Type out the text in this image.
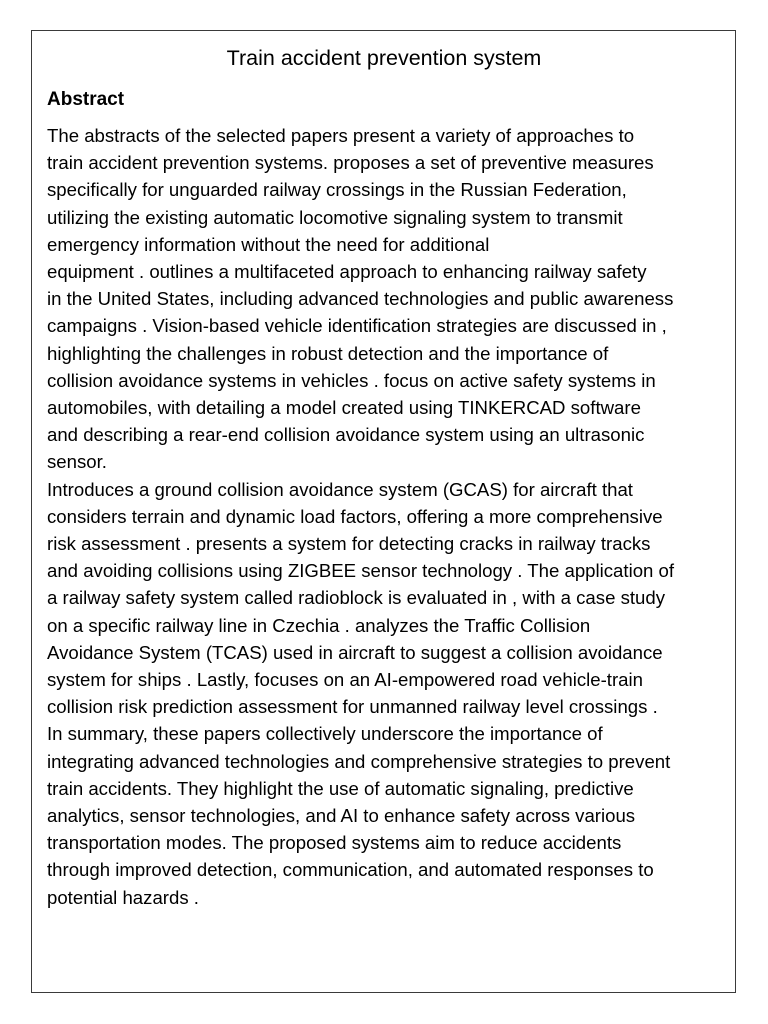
Train accident prevention system
Abstract
The abstracts of the selected papers present a variety of approaches to
train accident prevention systems. proposes a set of preventive measures
specifically for unguarded railway crossings in the Russian Federation,
utilizing the existing automatic locomotive signaling system to transmit
emergency information without the need for additional
equipment . outlines a multifaceted approach to enhancing railway safety
in the United States, including advanced technologies and public awareness
campaigns . Vision-based vehicle identification strategies are discussed in ,
highlighting the challenges in robust detection and the importance of
collision avoidance systems in vehicles . focus on active safety systems in
automobiles, with detailing a model created using TINKERCAD software
and describing a rear-end collision avoidance system using an ultrasonic
sensor.
Introduces a ground collision avoidance system (GCAS) for aircraft that
considers terrain and dynamic load factors, offering a more comprehensive
risk assessment . presents a system for detecting cracks in railway tracks
and avoiding collisions using ZIGBEE sensor technology . The application of
a railway safety system called radioblock is evaluated in , with a case study
on a specific railway line in Czechia . analyzes the Traffic Collision
Avoidance System (TCAS) used in aircraft to suggest a collision avoidance
system for ships . Lastly, focuses on an AI-empowered road vehicle-train
collision risk prediction assessment for unmanned railway level crossings .
In summary, these papers collectively underscore the importance of
integrating advanced technologies and comprehensive strategies to prevent
train accidents. They highlight the use of automatic signaling, predictive
analytics, sensor technologies, and AI to enhance safety across various
transportation modes. The proposed systems aim to reduce accidents
through improved detection, communication, and automated responses to
potential hazards .
